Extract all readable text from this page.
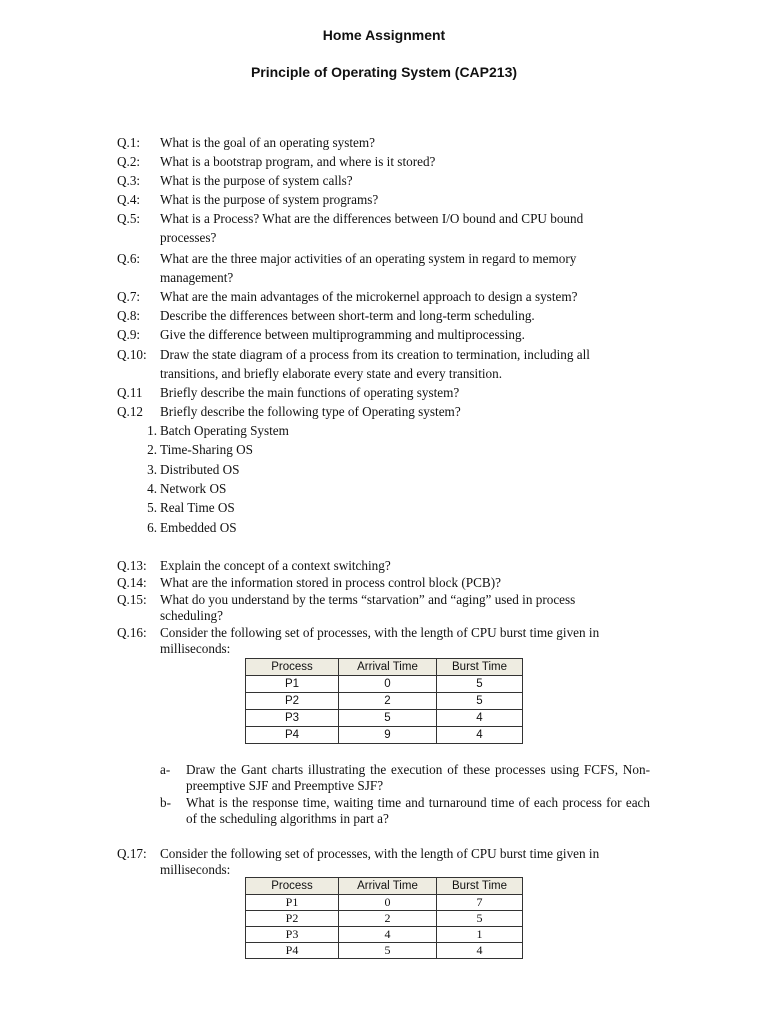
Home Assignment
Principle of Operating System (CAP213)
Q.1:	What is the goal of an operating system?
Q.2:	What is a bootstrap program, and where is it stored?
Q.3:	What is the purpose of system calls?
Q.4:	What is the purpose of system programs?
Q.5:	What is a Process? What are the differences between I/O bound and CPU bound processes?
Q.6:	What are the three major activities of an operating system in regard to memory management?
Q.7:	What are the main advantages of the microkernel approach to design a system?
Q.8:	Describe the differences between short-term and long-term scheduling.
Q.9:	Give the difference between multiprogramming and multiprocessing.
Q.10:	Draw the state diagram of a process from its creation to termination, including all transitions, and briefly elaborate every state and every transition.
Q.11	Briefly describe the main functions of operating system?
Q.12	Briefly describe the following type of Operating system?
1. Batch Operating System
2. Time-Sharing OS
3. Distributed OS
4. Network OS
5. Real Time OS
6. Embedded OS
Q.13:	Explain the concept of a context switching?
Q.14:	What are the information stored in process control block (PCB)?
Q.15:	What do you understand by the terms “starvation” and “aging” used in process scheduling?
Q.16:	Consider the following set of processes, with the length of CPU burst time given in milliseconds:
Process	Arrival Time	Burst Time
P1	0	5
P2	2	5
P3	5	4
P4	9	4
a-	Draw the Gant charts illustrating the execution of these processes using FCFS, Non-preemptive SJF and Preemptive SJF?
b-	What is the response time, waiting time and turnaround time of each process for each of the scheduling algorithms in part a?
Q.17:	Consider the following set of processes, with the length of CPU burst time given in milliseconds:
Process	Arrival Time	Burst Time
P1	0	7
P2	2	5
P3	4	1
P4	5	4
